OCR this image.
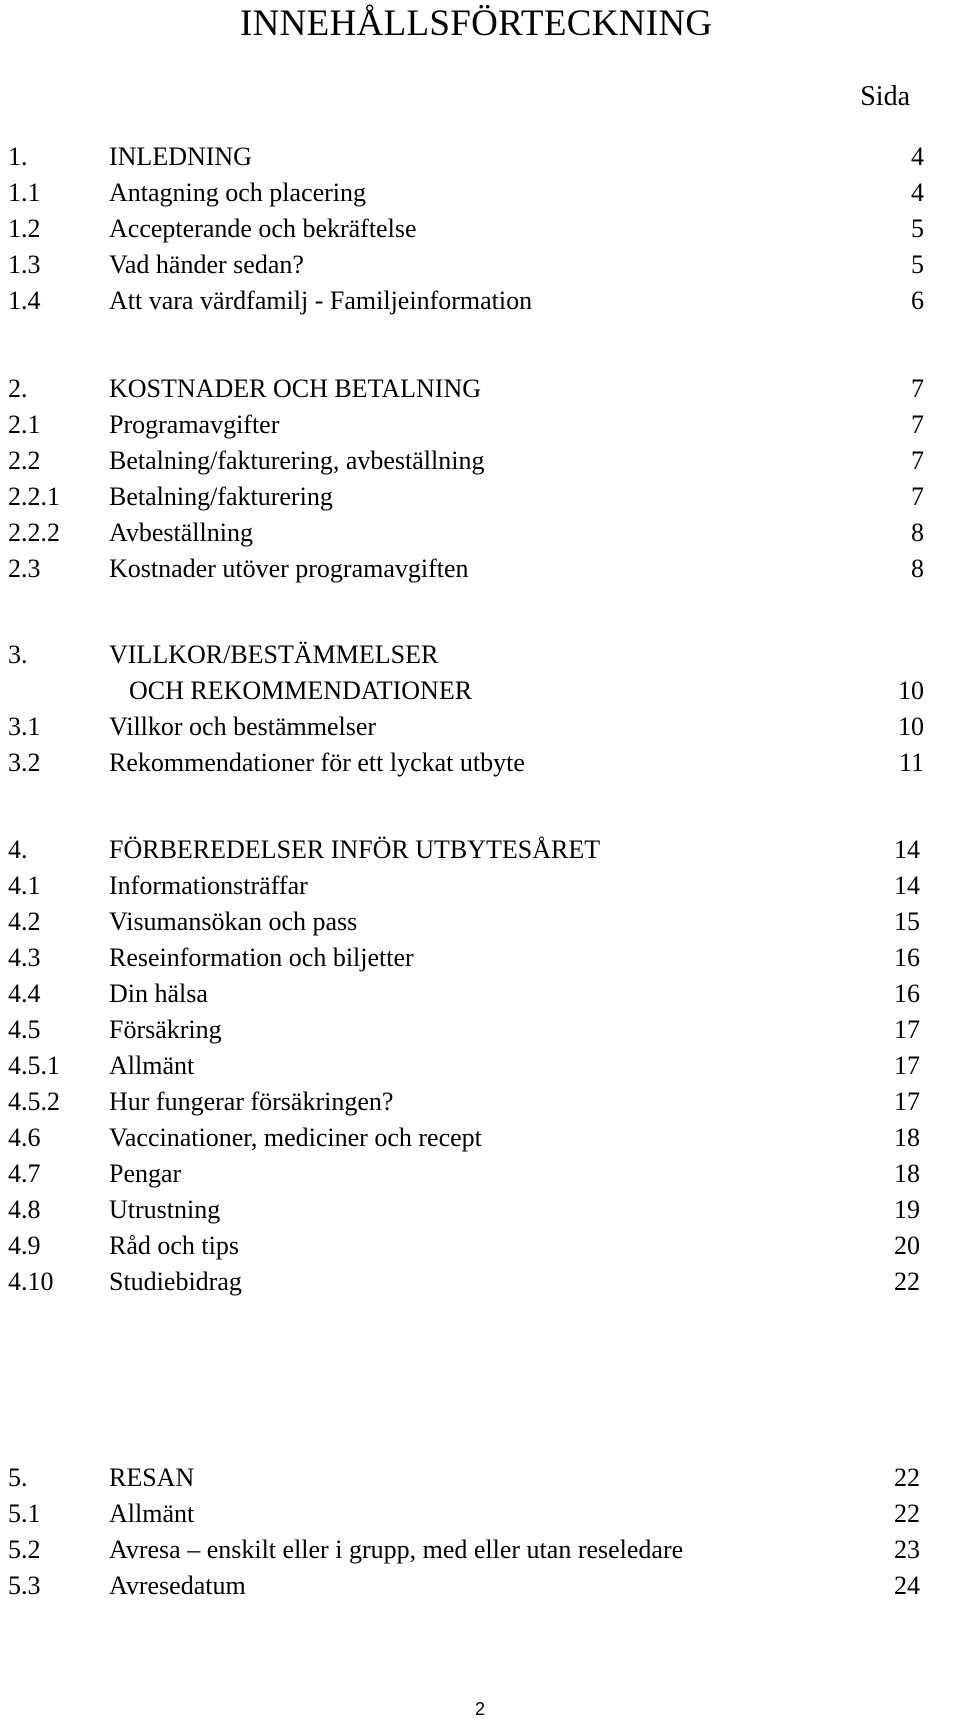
INNEHÅLLSFÖRTECKNING
Sida
1.	INLEDNING	4
1.1	Antagning och placering	4
1.2	Accepterande och bekräftelse	5
1.3	Vad händer sedan?	5
1.4	Att vara värdfamilj - Familjeinformation	6
2.	KOSTNADER OCH BETALNING	7
2.1	Programavgifter	7
2.2	Betalning/fakturering, avbeställning	7
2.2.1 Betalning/fakturering	7
2.2.2 Avbeställning	8
2.3	Kostnader utöver programavgiften	8
3.	VILLKOR/BESTÄMMELSER
OCH REKOMMENDATIONER	10
3.1	Villkor och bestämmelser	10
3.2	Rekommendationer för ett lyckat utbyte	11
4.	FÖRBEREDELSER INFÖR UTBYTESÅRET	14
4.1	Informationsträffar	14
4.2	Visumansökan och pass	15
4.3	Reseinformation och biljetter	16
4.4	Din hälsa	16
4.5	Försäkring	17
4.5.1 Allmänt	17
4.5.2 Hur fungerar försäkringen?	17
4.6	Vaccinationer, mediciner och recept	18
4.7	Pengar	18
4.8	Utrustning	19
4.9	Råd och tips	20
4.10 Studiebidrag	22
5.	RESAN	22
5.1	Allmänt	22
5.2	Avresa – enskilt eller i grupp, med eller utan reseledare	23
5.3	Avresedatum	24
2
